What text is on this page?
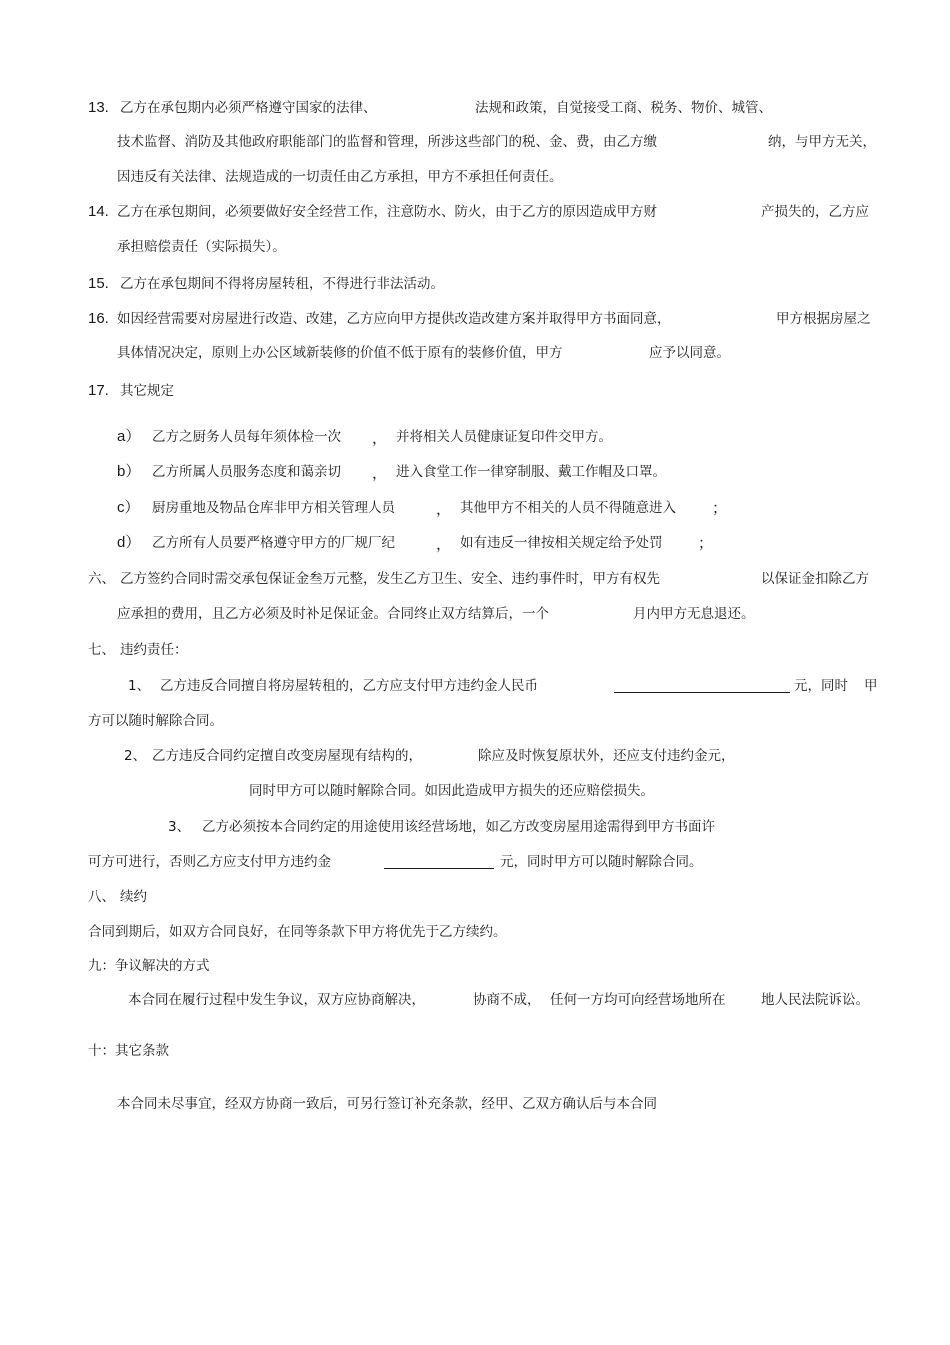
13. 乙方在承包期内必须严格遵守国家的法律、	法规和政策，自觉接受工商、税务、物价、城管、
技术监督、消防及其他政府职能部门的监督和管理，所涉这些部门的税、金、费，由乙方缴	纳，与甲方无关，
因违反有关法律、法规造成的一切责任由乙方承担，甲方不承担任何责任。
14. 乙方在承包期间，必须要做好安全经营工作，注意防水、防火，由于乙方的原因造成甲方财	产损失的，乙方应
承担赔偿责任（实际损失）。
15. 乙方在承包期间不得将房屋转租，不得进行非法活动。
16. 如因经营需要对房屋进行改造、改建，乙方应向甲方提供改造改建方案并取得甲方书面同意，	甲方根据房屋之
具体情况决定，原则上办公区域新装修的价值不低于原有的装修价值，甲方	应予以同意。
17. 其它规定
a） 乙方之厨务人员每年须体检一次 ， 并将相关人员健康证复印件交甲方。
b） 乙方所属人员服务态度和蔼亲切 ， 进入食堂工作一律穿制服、戴工作帽及口罩。
c） 厨房重地及物品仓库非甲方相关管理人员	， 其他甲方不相关的人员不得随意进入 ；
d） 乙方所有人员要严格遵守甲方的厂规厂纪	， 如有违反一律按相关规定给予处罚 ；
六、 乙方签约合同时需交承包保证金叁万元整，发生乙方卫生、安全、违约事件时，甲方有权先	以保证金扣除乙方
应承担的费用，且乙方必须及时补足保证金。合同终止双方结算后，一个	月内甲方无息退还。
七、 违约责任：
1、 乙方违反合同擅自将房屋转租的，乙方应支付甲方违约金人民币	元，同时 甲
方可以随时解除合同。
2、 乙方违反合同约定擅自改变房屋现有结构的，	除应及时恢复原状外，还应支付违约金元，
同时甲方可以随时解除合同。如因此造成甲方损失的还应赔偿损失。
3、 乙方必须按本合同约定的用途使用该经营场地，如乙方改变房屋用途需得到甲方书面许
可方可进行，否则乙方应支付甲方违约金	元，同时甲方可以随时解除合同。
八、 续约
合同到期后，如双方合同良好，在同等条款下甲方将优先于乙方续约。
九：争议解决的方式
本合同在履行过程中发生争议，双方应协商解决，	协商不成， 任何一方均可向经营场地所在	地人民法院诉讼。
十：其它条款
本合同未尽事宜，经双方协商一致后，可另行签订补充条款，经甲、乙双方确认后与本合同
